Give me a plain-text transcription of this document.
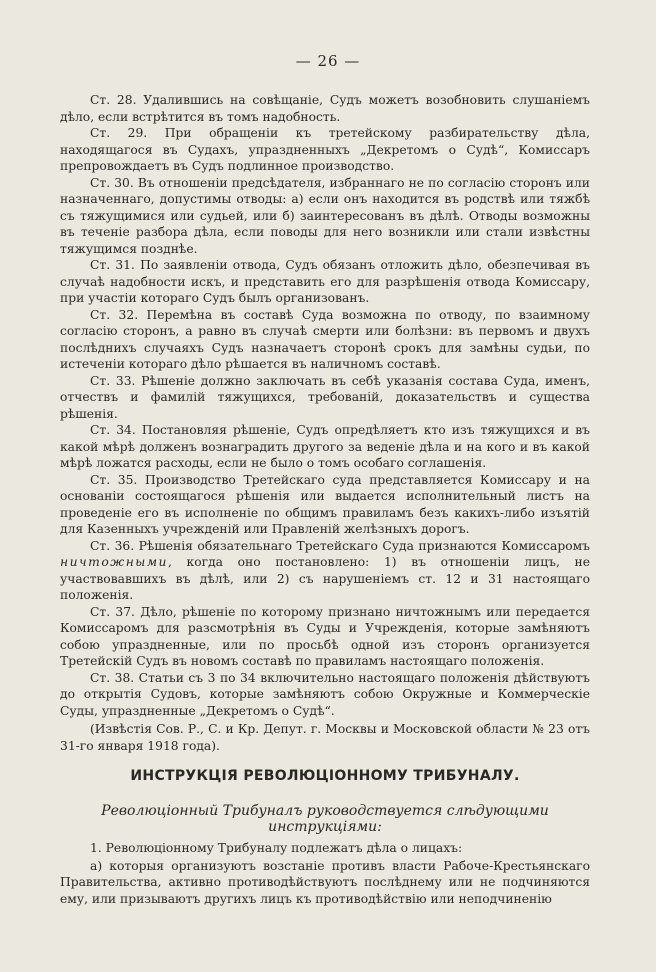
— 26 —

Ст. 28. Удалившись на совѣщаніе, Судъ можетъ возобновить слушаніемъ дѣло, если встрѣтится въ томъ надобность.

Ст. 29. При обращеніи къ третейскому разбирательству дѣла, находящагося въ Судахъ, упраздненныхъ „Декретомъ о Судѣ“, Комиссаръ препровождаетъ въ Судъ подлинное производство.

Ст. 30. Въ отношеніи предсѣдателя, избраннаго не по согласію сторонъ или назначеннаго, допустимы отводы: а) если онъ находится въ родствѣ или тяжбѣ съ тяжущимися или судьей, или б) заинтересованъ въ дѣлѣ. Отводы возможны въ теченіе разбора дѣла, если поводы для него возникли или стали извѣстны тяжущимся позднѣе.

Ст. 31. По заявленіи отвода, Судъ обязанъ отложить дѣло, обезпечивая въ случаѣ надобности искъ, и представить его для разрѣшенія отвода Комиссару, при участіи котораго Судъ былъ организованъ.

Ст. 32. Перемѣна въ составѣ Суда возможна по отводу, по взаимному согласію сторонъ, а равно въ случаѣ смерти или болѣзни: въ первомъ и двухъ послѣднихъ случаяхъ Судъ назначаетъ сторонѣ срокъ для замѣны судьи, по истеченіи котораго дѣло рѣшается въ наличномъ составѣ.

Ст. 33. Рѣшеніе должно заключать въ себѣ указанія состава Суда, именъ, отчествъ и фамилій тяжущихся, требованій, доказательствъ и существа рѣшенія.

Ст. 34. Постановляя рѣшеніе, Судъ опредѣляетъ кто изъ тяжущихся и въ какой мѣрѣ долженъ вознаградить другого за веденіе дѣла и на кого и въ какой мѣрѣ ложатся расходы, если не было о томъ особаго соглашенія.

Ст. 35. Производство Третейскаго суда представляется Комиссару и на основаніи состоящагося рѣшенія или выдается исполнительный листъ на проведеніе его въ исполненіе по общимъ правиламъ безъ какихъ-либо изъятій для Казенныхъ учрежденій или Правленій желѣзныхъ дорогъ.

Ст. 36. Рѣшенія обязательнаго Третейскаго Суда признаются Комиссаромъ ничтожными, когда оно постановлено: 1) въ отношеніи лицъ, не участвовавшихъ въ дѣлѣ, или 2) съ нарушеніемъ ст. 12 и 31 настоящаго положенія.

Ст. 37. Дѣло, рѣшеніе по которому признано ничтожнымъ или передается Комиссаромъ для разсмотрѣнія въ Суды и Учрежденія, которые замѣняютъ собою упраздненные, или по просьбѣ одной изъ сторонъ организуется Третейскій Судъ въ новомъ составѣ по правиламъ настоящаго положенія.

Ст. 38. Статьи съ 3 по 34 включительно настоящаго положенія дѣйствуютъ до открытія Судовъ, которые замѣняютъ собою Окружные и Коммерческіе Суды, упраздненные „Декретомъ о Судѣ“.

(Извѣстія Сов. Р., С. и Кр. Депут. г. Москвы и Московской области № 23 отъ 31-го января 1918 года).

ИНСТРУКЦІЯ РЕВОЛЮЦІОННОМУ ТРИБУНАЛУ.
Революціонный Трибуналъ руководствуется слѣдующими инструкціями:

1. Революціонному Трибуналу подлежатъ дѣла о лицахъ:

а) которыя организуютъ возстаніе противъ власти Рабоче-Крестьянскаго Правительства, активно противодѣйствуютъ послѣднему или не подчиняются ему, или призываютъ другихъ лицъ къ противодѣйствію или неподчиненію
